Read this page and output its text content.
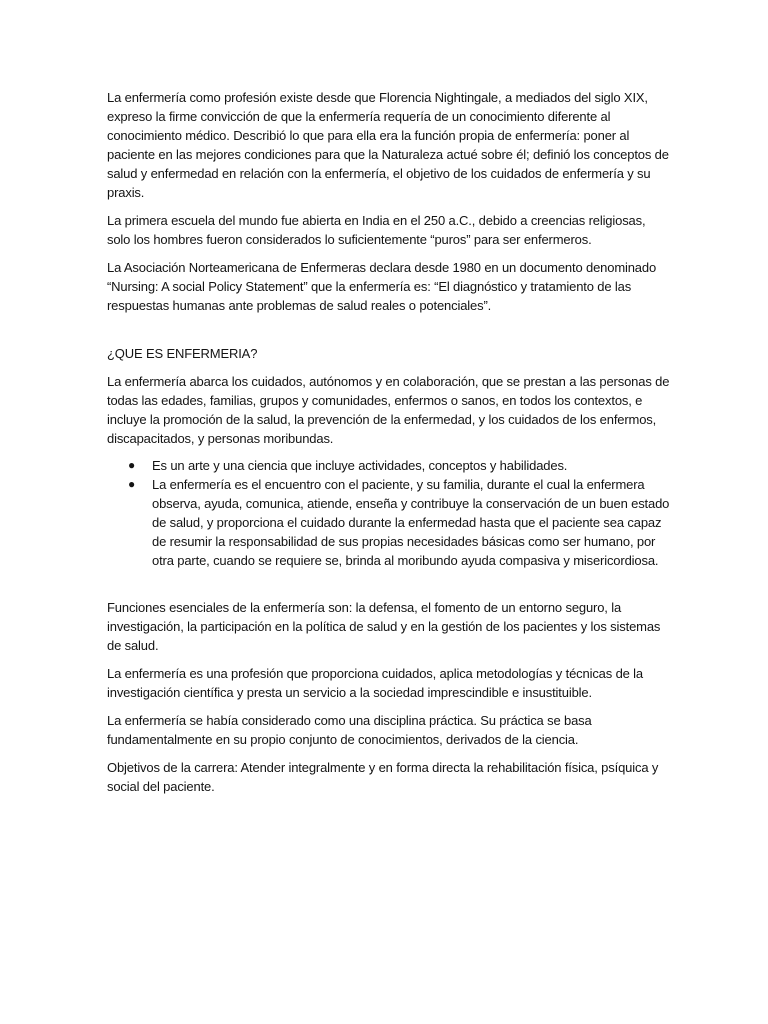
La enfermería como profesión existe desde que Florencia Nightingale, a mediados del siglo XIX, expreso la firme convicción de que la enfermería requería de un conocimiento diferente al conocimiento médico. Describió lo que para ella era la función propia de enfermería: poner al paciente en las mejores condiciones para que la Naturaleza actué sobre él; definió los conceptos de salud y enfermedad en relación con la enfermería, el objetivo de los cuidados de enfermería y su praxis.

La primera escuela del mundo fue abierta en India en el 250 a.C., debido a creencias religiosas, solo los hombres fueron considerados lo suficientemente “puros” para ser enfermeros.

La Asociación Norteamericana de Enfermeras declara desde 1980 en un documento denominado “Nursing: A social Policy Statement” que la enfermería es: “El diagnóstico y tratamiento de las respuestas humanas ante problemas de salud reales o potenciales”.

¿QUE ES ENFERMERIA?

La enfermería abarca los cuidados, autónomos y en colaboración, que se prestan a las personas de todas las edades, familias, grupos y comunidades, enfermos o sanos, en todos los contextos, e incluye la promoción de la salud, la prevención de la enfermedad, y los cuidados de los enfermos, discapacitados, y personas moribundas.

● Es un arte y una ciencia que incluye actividades, conceptos y habilidades.
● La enfermería es el encuentro con el paciente, y su familia, durante el cual la enfermera observa, ayuda, comunica, atiende, enseña y contribuye la conservación de un buen estado de salud, y proporciona el cuidado durante la enfermedad hasta que el paciente sea capaz de resumir la responsabilidad de sus propias necesidades básicas como ser humano, por otra parte, cuando se requiere se, brinda al moribundo ayuda compasiva y misericordiosa.

Funciones esenciales de la enfermería son: la defensa, el fomento de un entorno seguro, la investigación, la participación en la política de salud y en la gestión de los pacientes y los sistemas de salud.

La enfermería es una profesión que proporciona cuidados, aplica metodologías y técnicas de la investigación científica y presta un servicio a la sociedad imprescindible e insustituible.

La enfermería se había considerado como una disciplina práctica. Su práctica se basa fundamentalmente en su propio conjunto de conocimientos, derivados de la ciencia.

Objetivos de la carrera: Atender integralmente y en forma directa la rehabilitación física, psíquica y social del paciente.
